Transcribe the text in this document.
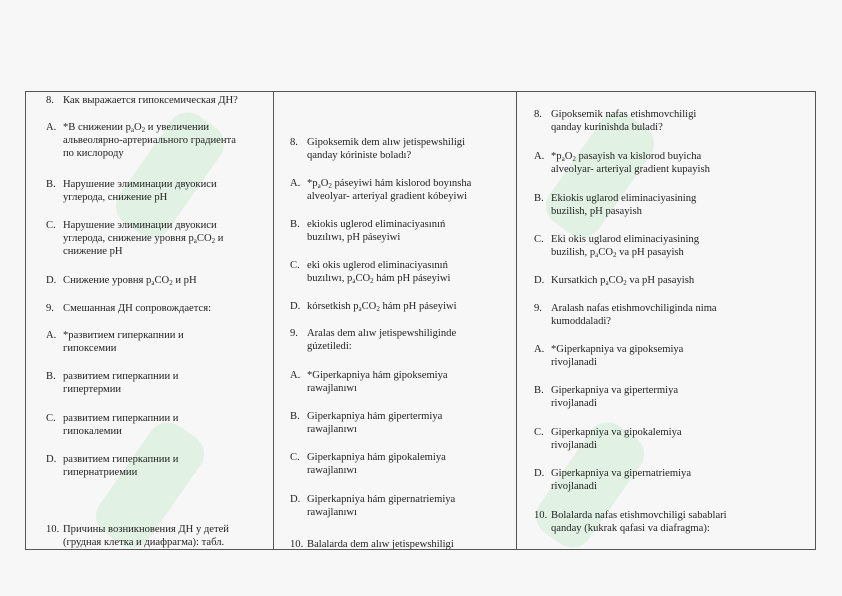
8. Как выражается гипоксемическая ДН?
A. *В снижении $p_aO_2$ и увеличении
альвеолярно-артериального градиента
по кислороду
B. Нарушение элиминации двуокиси
углерода, снижение pH
C. Нарушение элиминации двуокиси
углерода, снижение уровня $p_aCO_2$ и
снижение pH
D. Снижение уровня $p_aCO_2$ и pH
9. Смешанная ДН сопровождается:
A. *развитием гиперкапнии и
гипоксемии
B. развитием гиперкапнии и
гипертермии
C. развитием гиперкапнии и
гипокалемии
D. развитием гиперкапнии и
гипернатриемии
10. Причины возникновения ДН у детей
(грудная клетка и диафрагма): табл.
8. Gipoksemik dem alıw jetispewshiligi
qanday kóriniste boladı?
A. $*p_aO_2$ páseyiwi hám kislorod boyınsha
alveolyar- arteriyal gradient kóbeyiwi
B. ekiokis uglerod eliminaciyasınıń
buzılıwı, pH páseyiwi
C. eki okis uglerod eliminaciyasınıń
buzılıwı, $p_aCO_2$ hám pH páseyiwi
D. kórsetkish $p_aCO_2$ hám pH páseyiwi
9. Aralas dem alıw jetispewshiliginde
gúzetiledi:
A. *Giperkapniya hám gipoksemiya
rawajlanıwı
B. Giperkapniya hám gipertermiya
rawajlanıwı
C. Giperkapniya hám gipokalemiya
rawajlanıwı
D. Giperkapniya hám gipernatriemiya
rawajlanıwı
10. Balalarda dem alıw jetispewshiligi
8. Gipoksemik nafas etishmovchiligi
qanday kurinishda buladi?
A. $*p_aO_2$ pasayish va kislorod buyicha
alveolyar- arteriyal gradient kupayish
B. Ekiokis uglarod eliminaciyasining
buzilish, pH pasayish
C. Eki okis uglarod eliminaciyasining
buzilish, $p_aCO_2$ va pH pasayish
D. Kursatkich $p_aCO_2$ va pH pasayish
9. Aralash nafas etishmovchiliginda nima
kumoddaladi?
A. *Giperkapniya va gipoksemiya
rivojlanadi
B. Giperkapniya va gipertermiya
rivojlanadi
C. Giperkapniya va gipokalemiya
rivojlanadi
D. Giperkapniya va gipernatriemiya
rivojlanadi
10. Bolalarda nafas etishmovchiligi sabablari
qanday (kukrak qafasi va diafragma):
